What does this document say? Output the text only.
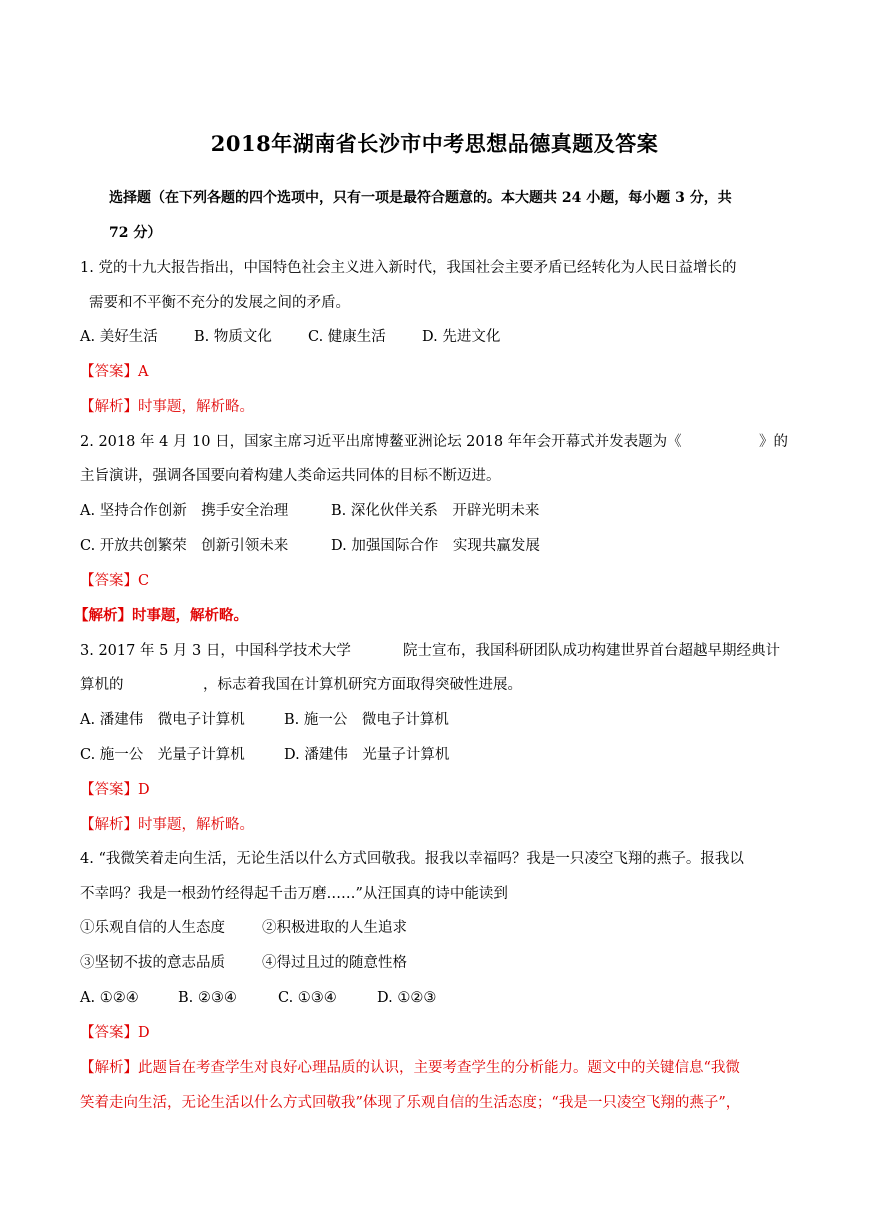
2018年湖南省长沙市中考思想品德真题及答案
选择题（在下列各题的四个选项中，只有一项是最符合题意的。本大题共 24 小题，每小题 3 分，共
72 分）
1. 党的十九大报告指出，中国特色社会主义进入新时代，我国社会主要矛盾已经转化为人民日益增长的
需要和不平衡不充分的发展之间的矛盾。
A. 美好生活	B. 物质文化 C. 健康生活 D. 先进文化
【答案】A
【解析】时事题，解析略。
2. 2018 年 4 月 10 日，国家主席习近平出席博鳌亚洲论坛 2018 年年会开幕式并发表题为《	》的
主旨演讲，强调各国要向着构建人类命运共同体的目标不断迈进。
A. 坚持合作创新　携手安全治理	B. 深化伙伴关系　开辟光明未来
C. 开放共创繁荣　创新引领未来	D. 加强国际合作　实现共赢发展
【答案】C
【解析】时事题，解析略。
3. 2017 年 5 月 3 日，中国科学技术大学	院士宣布，我国科研团队成功构建世界首台超越早期经典计
算机的	，标志着我国在计算机研究方面取得突破性进展。
A. 潘建伟　微电子计算机	B. 施一公　微电子计算机
C. 施一公　光量子计算机	D. 潘建伟　光量子计算机
【答案】D
【解析】时事题，解析略。
4. “我微笑着走向生活，无论生活以什么方式回敬我。报我以幸福吗？我是一只凌空飞翔的燕子。报我以
不幸吗？我是一根劲竹经得起千击万磨……”从汪国真的诗中能读到
①乐观自信的人生态度	②积极进取的人生追求
③坚韧不拔的意志品质	④得过且过的随意性格
A. ①②④	B. ②③④	C. ①③④	D. ①②③
【答案】D
【解析】此题旨在考查学生对良好心理品质的认识，主要考查学生的分析能力。题文中的关键信息“我微
笑着走向生活，无论生活以什么方式回敬我”体现了乐观自信的生活态度；“我是一只凌空飞翔的燕子”，
